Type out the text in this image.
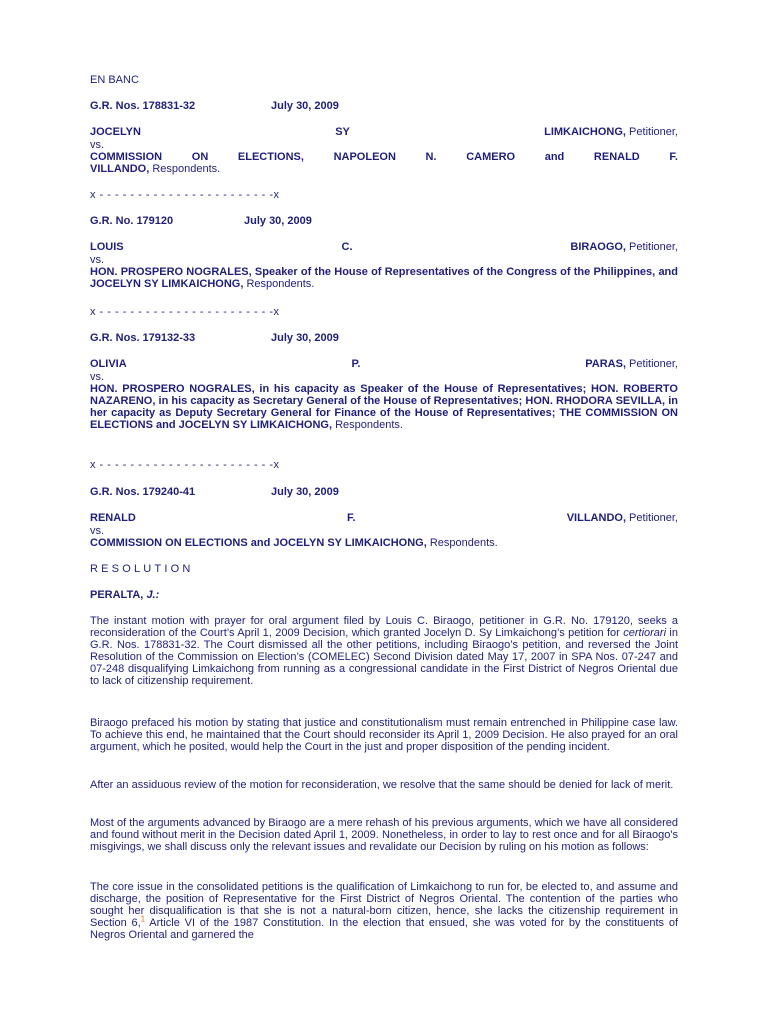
EN BANC
G.R. Nos. 178831-32	July 30, 2009
JOCELYN	SY	LIMKAICHONG, Petitioner,
vs.
COMMISSION	ON	ELECTIONS,	NAPOLEON	N.	CAMERO	and	RENALD	F.
VILLANDO, Respondents.
x - - - - - - - - - - - - - - - - - - - - - - -x
G.R. No. 179120	July 30, 2009
LOUIS	C.	BIRAOGO, Petitioner,
vs.
HON. PROSPERO NOGRALES, Speaker of the House of Representatives of the Congress of the Philippines, and JOCELYN SY LIMKAICHONG, Respondents.
x - - - - - - - - - - - - - - - - - - - - - - -x
G.R. Nos. 179132-33	July 30, 2009
OLIVIA	P.	PARAS, Petitioner,
vs.
HON. PROSPERO NOGRALES, in his capacity as Speaker of the House of Representatives; HON. ROBERTO NAZARENO, in his capacity as Secretary General of the House of Representatives; HON. RHODORA SEVILLA, in her capacity as Deputy Secretary General for Finance of the House of Representatives; THE COMMISSION ON ELECTIONS and JOCELYN SY LIMKAICHONG, Respondents.
x - - - - - - - - - - - - - - - - - - - - - - -x
G.R. Nos. 179240-41	July 30, 2009
RENALD	F.	VILLANDO, Petitioner,
vs.
COMMISSION ON ELECTIONS and JOCELYN SY LIMKAICHONG, Respondents.
RESOLUTION
PERALTA, J.:
The instant motion with prayer for oral argument filed by Louis C. Biraogo, petitioner in G.R. No. 179120, seeks a reconsideration of the Court’s April 1, 2009 Decision, which granted Jocelyn D. Sy Limkaichong’s petition for certiorari in G.R. Nos. 178831-32. The Court dismissed all the other petitions, including Biraogo’s petition, and reversed the Joint Resolution of the Commission on Election’s (COMELEC) Second Division dated May 17, 2007 in SPA Nos. 07-247 and 07-248 disqualifying Limkaichong from running as a congressional candidate in the First District of Negros Oriental due to lack of citizenship requirement.
Biraogo prefaced his motion by stating that justice and constitutionalism must remain entrenched in Philippine case law. To achieve this end, he maintained that the Court should reconsider its April 1, 2009 Decision. He also prayed for an oral argument, which he posited, would help the Court in the just and proper disposition of the pending incident.
After an assiduous review of the motion for reconsideration, we resolve that the same should be denied for lack of merit.
Most of the arguments advanced by Biraogo are a mere rehash of his previous arguments, which we have all considered and found without merit in the Decision dated April 1, 2009. Nonetheless, in order to lay to rest once and for all Biraogo's misgivings, we shall discuss only the relevant issues and revalidate our Decision by ruling on his motion as follows:
The core issue in the consolidated petitions is the qualification of Limkaichong to run for, be elected to, and assume and discharge, the position of Representative for the First District of Negros Oriental. The contention of the parties who sought her disqualification is that she is not a natural-born citizen, hence, she lacks the citizenship requirement in Section 6,$^1$ Article VI of the 1987 Constitution. In the election that ensued, she was voted for by the constituents of Negros Oriental and garnered the
